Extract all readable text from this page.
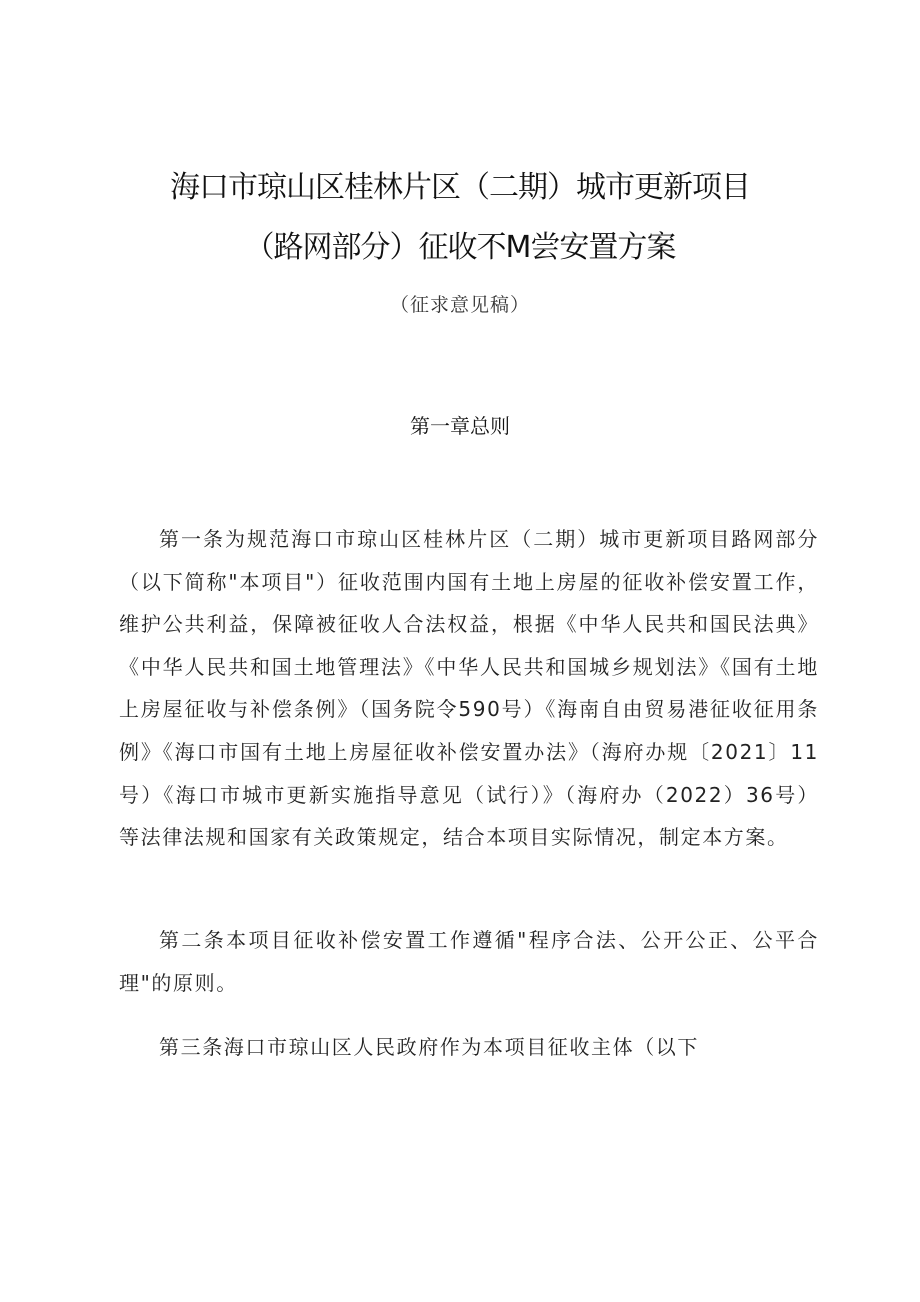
海口市琼山区桂林片区（二期）城市更新项目
（路网部分）征收不M尝安置方案
（征求意见稿）
第一章总则

第一条为规范海口市琼山区桂林片区（二期）城市更新项目路网部分（以下简称"本项目"）征收范围内国有土地上房屋的征收补偿安置工作，维护公共利益，保障被征收人合法权益，根据《中华人民共和国民法典》《中华人民共和国土地管理法》《中华人民共和国城乡规划法》《国有土地上房屋征收与补偿条例》（国务院令590号）《海南自由贸易港征收征用条例》《海口市国有土地上房屋征收补偿安置办法》（海府办规〔2021〕11号）《海口市城市更新实施指导意见（试行）》（海府办（2022）36号）等法律法规和国家有关政策规定，结合本项目实际情况，制定本方案。

第二条本项目征收补偿安置工作遵循"程序合法、公开公正、公平合理"的原则。

第三条海口市琼山区人民政府作为本项目征收主体（以下
